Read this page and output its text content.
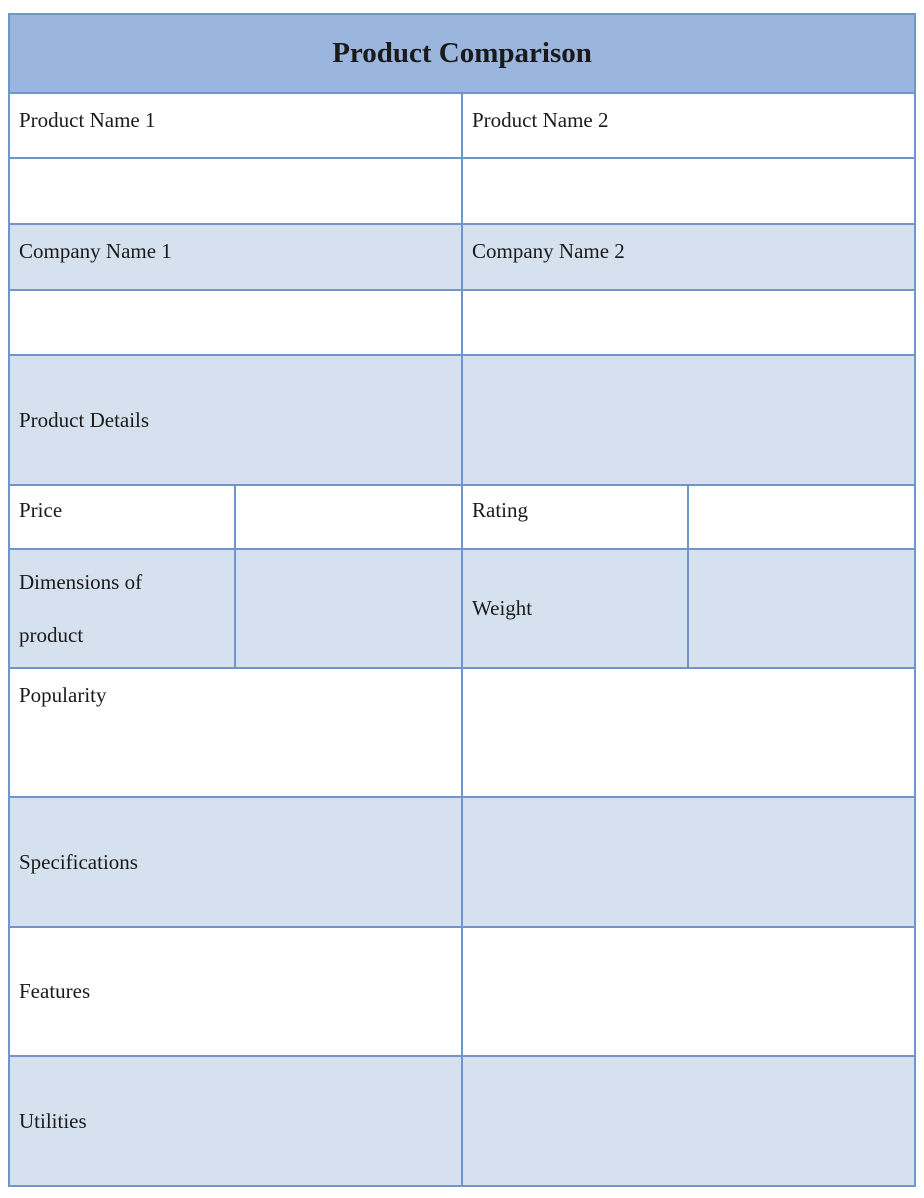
Product Comparison			
Product Name 1		Product Name 2	

Company Name 1		Company Name 2	

Product Details			
Price		Rating	

Dimensions of
product		Weight	
Popularity			
Specifications			
Features			
Utilities			
